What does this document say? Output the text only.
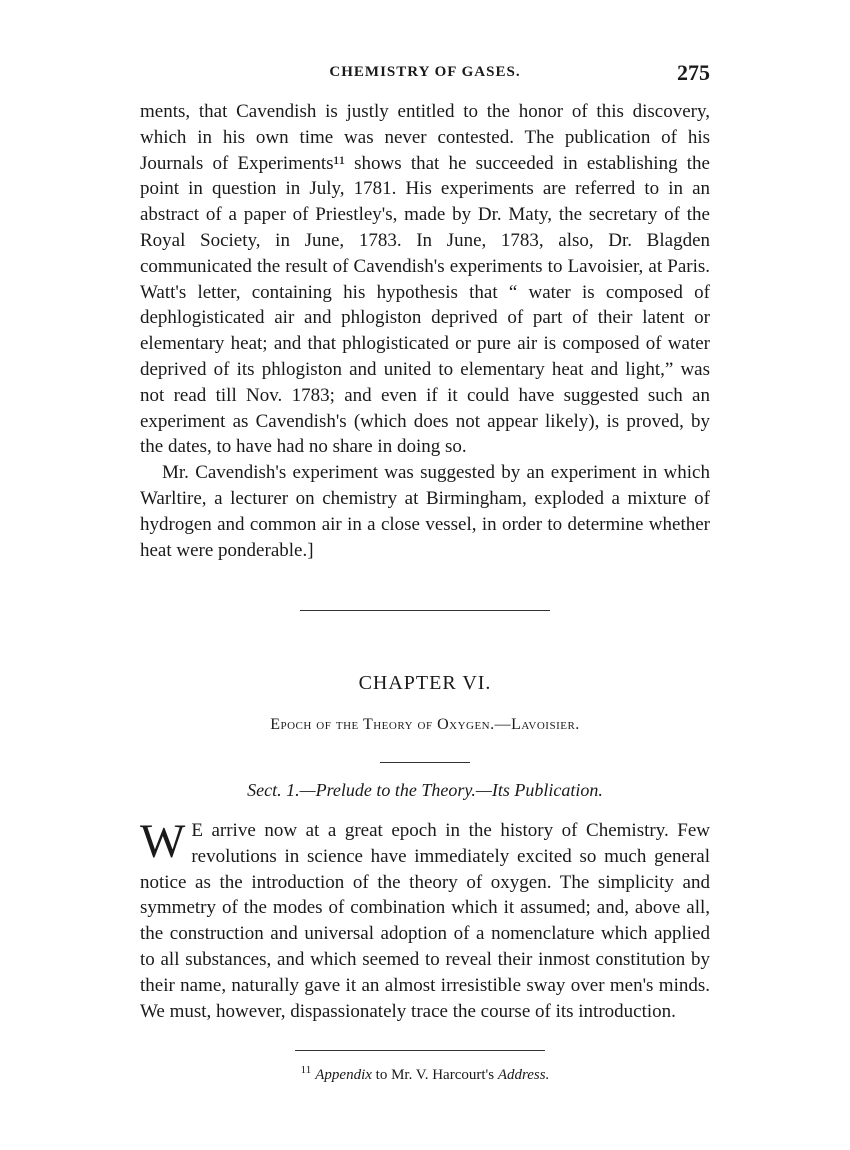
CHEMISTRY OF GASES.	275

ments, that Cavendish is justly entitled to the honor of this discovery, which in his own time was never contested. The publication of his Journals of Experiments¹¹ shows that he succeeded in establishing the point in question in July, 1781. His experiments are referred to in an abstract of a paper of Priestley's, made by Dr. Maty, the secretary of the Royal Society, in June, 1783. In June, 1783, also, Dr. Blagden communicated the result of Cavendish's experiments to Lavoisier, at Paris. Watt's letter, containing his hypothesis that “ water is composed of dephlogisticated air and phlogiston deprived of part of their latent or elementary heat; and that phlogisticated or pure air is composed of water deprived of its phlogiston and united to elementary heat and light,” was not read till Nov. 1783; and even if it could have suggested such an experiment as Cavendish's (which does not appear likely), is proved, by the dates, to have had no share in doing so.

Mr. Cavendish's experiment was suggested by an experiment in which Warltire, a lecturer on chemistry at Birmingham, exploded a mixture of hydrogen and common air in a close vessel, in order to determine whether heat were ponderable.]

CHAPTER VI.
Epoch of the Theory of Oxygen.—Lavoisier.
Sect. 1.—Prelude to the Theory.—Its Publication.

W E arrive now at a great epoch in the history of Chemistry. Few revolutions in science have immediately excited so much general notice as the introduction of the theory of oxygen. The simplicity and symmetry of the modes of combination which it assumed; and, above all, the construction and universal adoption of a nomenclature which applied to all substances, and which seemed to reveal their inmost constitution by their name, naturally gave it an almost irresistible sway over men's minds. We must, however, dispassionately trace the course of its introduction.

$^{11}$ Appendix to Mr. V. Harcourt's Address.
